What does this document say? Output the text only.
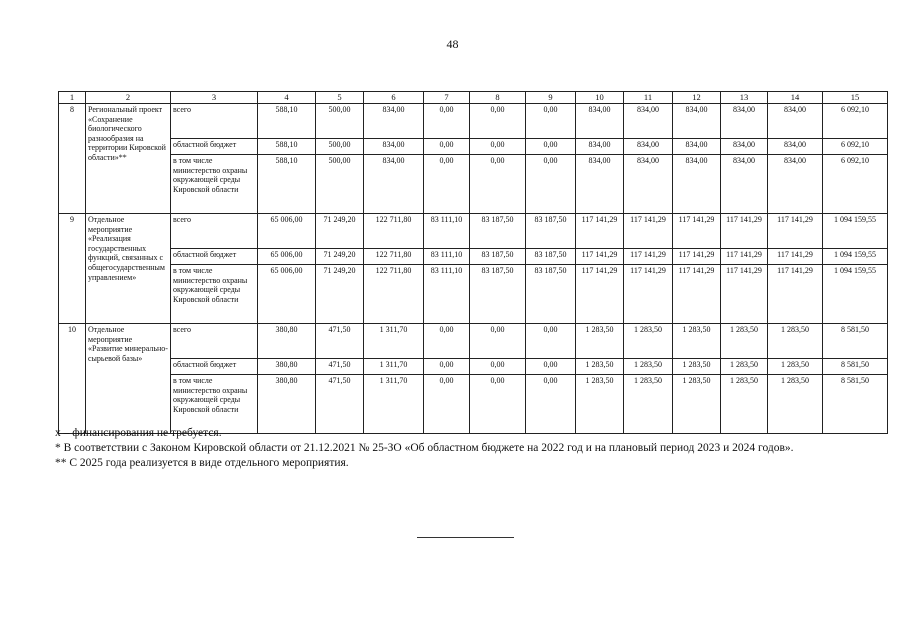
48
1	2	3	4	5	6	7	8	9	10	11	12	13	14	15
8	Региональный проект «Сохранение биологического разнообразия на территории Кировской области»**	всего	588,10	500,00	834,00	0,00	0,00	0,00	834,00	834,00	834,00	834,00	834,00	6 092,10
		областной бюджет	588,10	500,00	834,00	0,00	0,00	0,00	834,00	834,00	834,00	834,00	834,00	6 092,10
		в том числе министерство охраны окружающей среды Кировской области	588,10	500,00	834,00	0,00	0,00	0,00	834,00	834,00	834,00	834,00	834,00	6 092,10
9	Отдельное мероприятие «Реализация государственных функций, связанных с общегосударственным управлением»	всего	65 006,00	71 249,20	122 711,80	83 111,10	83 187,50	83 187,50	117 141,29	117 141,29	117 141,29	117 141,29	117 141,29	1 094 159,55
		областной бюджет	65 006,00	71 249,20	122 711,80	83 111,10	83 187,50	83 187,50	117 141,29	117 141,29	117 141,29	117 141,29	117 141,29	1 094 159,55
		в том числе министерство охраны окружающей среды Кировской области	65 006,00	71 249,20	122 711,80	83 111,10	83 187,50	83 187,50	117 141,29	117 141,29	117 141,29	117 141,29	117 141,29	1 094 159,55
10	Отдельное мероприятие «Развитие минерально-сырьевой базы»	всего	380,80	471,50	1 311,70	0,00	0,00	0,00	1 283,50	1 283,50	1 283,50	1 283,50	1 283,50	8 581,50
		областной бюджет	380,80	471,50	1 311,70	0,00	0,00	0,00	1 283,50	1 283,50	1 283,50	1 283,50	1 283,50	8 581,50
		в том числе министерство охраны окружающей среды Кировской области	380,80	471,50	1 311,70	0,00	0,00	0,00	1 283,50	1 283,50	1 283,50	1 283,50	1 283,50	8 581,50
х – финансирования не требуется.
* В соответствии с Законом Кировской области от 21.12.2021 № 25-ЗО «Об областном бюджете на 2022 год и на плановый период 2023 и 2024 годов».
** С 2025 года реализуется в виде отдельного мероприятия.
